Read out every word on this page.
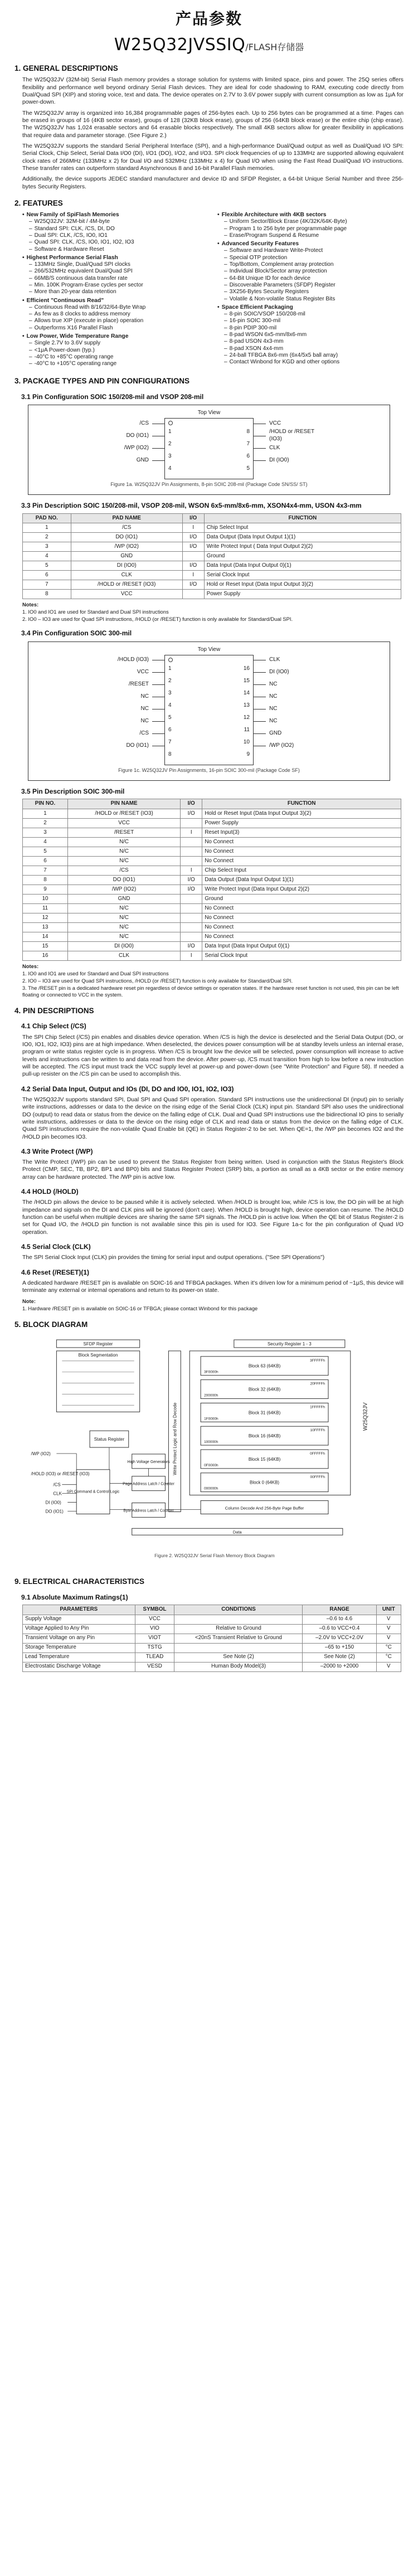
产品参数
W25Q32JVSSIQ/FLASH存储器
1. GENERAL DESCRIPTIONS

The W25Q32JV (32M-bit) Serial Flash memory provides a storage solution for systems with limited space, pins and power. The 25Q series offers flexibility and performance well beyond ordinary Serial Flash devices. They are ideal for code shadowing to RAM, executing code directly from Dual/Quad SPI (XIP) and storing voice, text and data. The device operates on 2.7V to 3.6V power supply with current consumption as low as 1μA for power-down.

The W25Q32JV array is organized into 16,384 programmable pages of 256-bytes each. Up to 256 bytes can be programmed at a time. Pages can be erased in groups of 16 (4KB sector erase), groups of 128 (32KB block erase), groups of 256 (64KB block erase) or the entire chip (chip erase). The W25Q32JV has 1,024 erasable sectors and 64 erasable blocks respectively. The small 4KB sectors allow for greater flexibility in applications that require data and parameter storage. (See Figure 2.)

The W25Q32JV supports the standard Serial Peripheral Interface (SPI), and a high-performance Dual/Quad output as well as Dual/Quad I/O SPI: Serial Clock, Chip Select, Serial Data I/O0 (DI), I/O1 (DO), I/O2, and I/O3. SPI clock frequencies of up to 133MHz are supported allowing equivalent clock rates of 266MHz (133MHz x 2) for Dual I/O and 532MHz (133MHz x 4) for Quad I/O when using the Fast Read Dual/Quad I/O instructions. These transfer rates can outperform standard Asynchronous 8 and 16-bit Parallel Flash memories.

Additionally, the device supports JEDEC standard manufacturer and device ID and SFDP Register, a 64-bit Unique Serial Number and three 256-bytes Security Registers.

2. FEATURES
• New Family of SpiFlash Memories
– W25Q32JV: 32M-bit / 4M-byte
– Standard SPI: CLK, /CS, DI, DO
– Dual SPI: CLK, /CS, IO0, IO1
– Quad SPI: CLK, /CS, IO0, IO1, IO2, IO3
– Software & Hardware Reset
• Highest Performance Serial Flash
– 133MHz Single, Dual/Quad SPI clocks
– 266/532MHz equivalent Dual/Quad SPI
– 66MB/S continuous data transfer rate
– Min. 100K Program-Erase cycles per sector
– More than 20-year data retention
• Efficient "Continuous Read"
– Continuous Read with 8/16/32/64-Byte Wrap
– As few as 8 clocks to address memory
– Allows true XIP (execute in place) operation
– Outperforms X16 Parallel Flash
• Low Power, Wide Temperature Range
– Single 2.7V to 3.6V supply
– <1μA Power-down (typ.)
– -40°C to +85°C operating range
– -40°C to +105°C operating range
• Flexible Architecture with 4KB sectors
– Uniform Sector/Block Erase (4K/32K/64K-Byte)
– Program 1 to 256 byte per programmable page
– Erase/Program Suspend & Resume
• Advanced Security Features
– Software and Hardware Write-Protect
– Special OTP protection
– Top/Bottom, Complement array protection
– Individual Block/Sector array protection
– 64-Bit Unique ID for each device
– Discoverable Parameters (SFDP) Register
– 3X256-Bytes Security Registers
– Volatile & Non-volatile Status Register Bits
• Space Efficient Packaging
– 8-pin SOIC/VSOP 150/208-mil
– 16-pin SOIC 300-mil
– 8-pin PDIP 300-mil
– 8-pad WSON 6x5-mm/8x6-mm
– 8-pad USON 4x3-mm
– 8-pad XSON 4x4-mm
– 24-ball TFBGA 8x6-mm (6x4/5x5 ball array)
– Contact Winbond for KGD and other options
3. PACKAGE TYPES AND PIN CONFIGURATIONS
3.1 Pin Configuration SOIC 150/208-mil and VSOP 208-mil
/CS
DO (IO1)
/WP (IO2)
GND
Top View
1
2
3
4
8
7
6
5
VCC
/HOLD or /RESET (IO3)
CLK
DI (IO0)
Figure 1a. W25Q32JV Pin Assignments, 8-pin SOIC 208-mil (Package Code SN/SS/ ST)
3.3 Pin Description SOIC 150/208-mil, VSOP 208-mil, WSON 6x5-mm/8x6-mm, XSON4x4-mm, USON 4x3-mm
PAD NO.	PAD NAME	I/O	FUNCTION
1	/CS	I	Chip Select Input
2	DO (IO1)	I/O	Data Output (Data Input Output 1)(1)
3	/WP (IO2)	I/O	Write Protect Input ( Data Input Output 2)(2)
4	GND		Ground
5	DI (IO0)	I/O	Data Input (Data Input Output 0)(1)
6	CLK	I	Serial Clock Input
7	/HOLD or /RESET (IO3)	I/O	Hold or Reset Input (Data Input Output 3)(2)
8	VCC		Power Supply
Notes:
1. IO0 and IO1 are used for Standard and Dual SPI instructions
2. IO0 – IO3 are used for Quad SPI instructions, /HOLD (or /RESET) function is only available for Standard/Dual SPI.
3.4 Pin Configuration SOIC 300-mil
/HOLD (IO3)
VCC
/RESET
NC
NC
NC
/CS
DO (IO1)
Top View
1
2
3
4
5
6
7
8
16
15
14
13
12
11
10
9
CLK
DI (IO0)
NC
NC
NC
NC
GND
/WP (IO2)
Figure 1c. W25Q32JV Pin Assignments, 16-pin SOIC 300-mil (Package Code SF)
3.5 Pin Description SOIC 300-mil
PIN NO.	PIN NAME	I/O	FUNCTION
1	/HOLD or /RESET (IO3)	I/O	Hold or Reset Input (Data Input Output 3)(2)
2	VCC		Power Supply
3	/RESET	I	Reset Input(3)
4	N/C		No Connect
5	N/C		No Connect
6	N/C		No Connect
7	/CS	I	Chip Select Input
8	DO (IO1)	I/O	Data Output (Data Input Output 1)(1)
9	/WP (IO2)	I/O	Write Protect Input (Data Input Output 2)(2)
10	GND		Ground
11	N/C		No Connect
12	N/C		No Connect
13	N/C		No Connect
14	N/C		No Connect
15	DI (IO0)	I/O	Data Input (Data Input Output 0)(1)
16	CLK	I	Serial Clock Input
Notes:
1. IO0 and IO1 are used for Standard and Dual SPI instructions
2. IO0 – IO3 are used for Quad SPI instructions, /HOLD (or /RESET) function is only available for Standard/Dual SPI.
3. The /RESET pin is a dedicated hardware reset pin regardless of device settings or operation states. If the hardware reset function is not used, this pin can be left floating or connected to VCC in the system.
4. PIN DESCRIPTIONS
4.1 Chip Select (/CS)

The SPI Chip Select (/CS) pin enables and disables device operation. When /CS is high the device is deselected and the Serial Data Output (DO, or IO0, IO1, IO2, IO3) pins are at high impedance. When deselected, the devices power consumption will be at standby levels unless an internal erase, program or write status register cycle is in progress. When /CS is brought low the device will be selected, power consumption will increase to active levels and instructions can be written to and data read from the device. After power-up, /CS must transition from high to low before a new instruction will be accepted. The /CS input must track the VCC supply level at power-up and power-down (see "Write Protection" and Figure 58). If needed a pull-up resister on the /CS pin can be used to accomplish this.

4.2 Serial Data Input, Output and IOs (DI, DO and IO0, IO1, IO2, IO3)

The W25Q32JV supports standard SPI, Dual SPI and Quad SPI operation. Standard SPI instructions use the unidirectional DI (input) pin to serially write instructions, addresses or data to the device on the rising edge of the Serial Clock (CLK) input pin. Standard SPI also uses the unidirectional DO (output) to read data or status from the device on the falling edge of CLK. Dual and Quad SPI instructions use the bidirectional IO pins to serially write instructions, addresses or data to the device on the rising edge of CLK and read data or status from the device on the falling edge of CLK. Quad SPI instructions require the non-volatile Quad Enable bit (QE) in Status Register-2 to be set. When QE=1, the /WP pin becomes IO2 and the /HOLD pin becomes IO3.

4.3 Write Protect (/WP)

The Write Protect (/WP) pin can be used to prevent the Status Register from being written. Used in conjunction with the Status Register's Block Protect (CMP, SEC, TB, BP2, BP1 and BP0) bits and Status Register Protect (SRP) bits, a portion as small as a 4KB sector or the entire memory array can be hardware protected. The /WP pin is active low.

4.4 HOLD (/HOLD)

The /HOLD pin allows the device to be paused while it is actively selected. When /HOLD is brought low, while /CS is low, the DO pin will be at high impedance and signals on the DI and CLK pins will be ignored (don't care). When /HOLD is brought high, device operation can resume. The /HOLD function can be useful when multiple devices are sharing the same SPI signals. The /HOLD pin is active low. When the QE bit of Status Register-2 is set for Quad I/O, the /HOLD pin function is not available since this pin is used for IO3. See Figure 1a-c for the pin configuration of Quad I/O operation.

4.5 Serial Clock (CLK)

The SPI Serial Clock Input (CLK) pin provides the timing for serial input and output operations. ("See SPI Operations")

4.6 Reset (/RESET)(1)

A dedicated hardware /RESET pin is available on SOIC-16 and TFBGA packages. When it's driven low for a minimum period of ~1μS, this device will terminate any external or internal operations and return to its power-on state.

Note:
1. Hardware /RESET pin is available on SOIC-16 or TFBGA; please contact Winbond for this package
5. BLOCK DIAGRAM
SFDP Register	Security Register 1 - 3
Block Segmentation
Write Protect Logic and Row Decode	W25Q32JV
Block 63 (64KB)
3F0000h
3FFFFFh
Block 32 (64KB)
200000h
20FFFFh
Block 31 (64KB)
1F0000h
1FFFFFh
Block 16 (64KB)
100000h
10FFFFh
Block 15 (64KB)
0F0000h
0FFFFFh
Block 0 (64KB)
000000h
00FFFFh
Status Register
High Voltage Generators
SPI Command & Control Logic
Page Address Latch / Counter
Byte Address Latch / Counter
Column Decode And 256-Byte Page Buffer
Data
/WP (IO2)
/HOLD (IO3) or /RESET (IO3)
/CS
CLK
DI (IO0)
DO (IO1)
Figure 2. W25Q32JV Serial Flash Memory Block Diagram
9. ELECTRICAL CHARACTERISTICS
9.1 Absolute Maximum Ratings(1)
PARAMETERS	SYMBOL	CONDITIONS	RANGE	UNIT
Supply Voltage	VCC		–0.6 to 4.6	V
Voltage Applied to Any Pin	VIO	Relative to Ground	–0.6 to VCC+0.4	V
Transient Voltage on any Pin	VIOT	<20nS Transient Relative to Ground	–2.0V to VCC+2.0V	V
Storage Temperature	TSTG		–65 to +150	°C
Lead Temperature	TLEAD	See Note (2)	See Note (2)	°C
Electrostatic Discharge Voltage	VESD	Human Body Model(3)	–2000 to +2000	V
